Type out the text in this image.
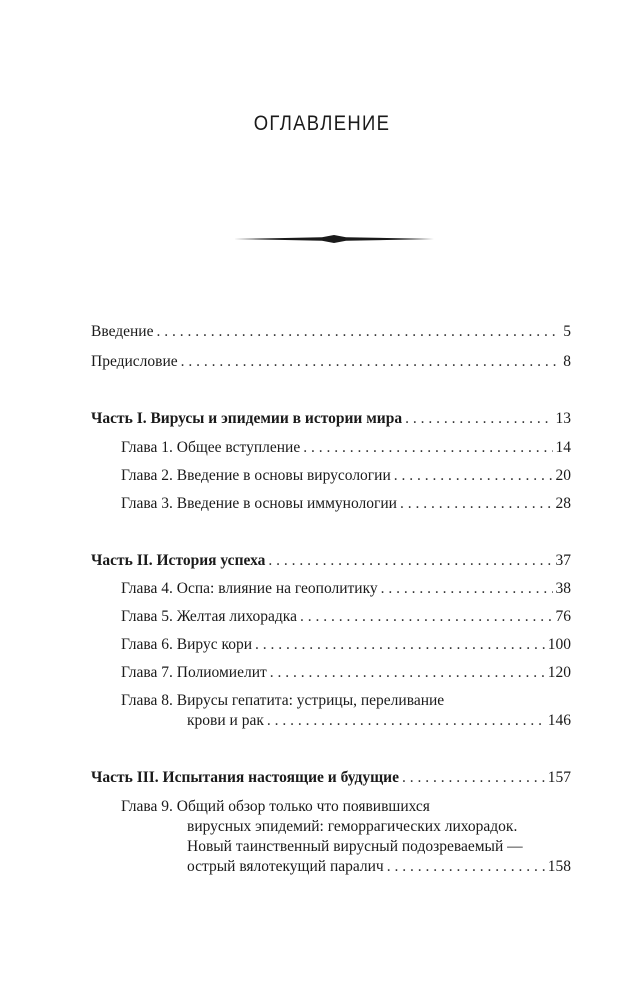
ОГЛАВЛЕНИЕ
Введение . . .	5
Предисловие . . .	8
Часть I. Вирусы и эпидемии в истории мира . . .	13
Глава 1. Общее вступление . . .	14
Глава 2. Введение в основы вирусологии . . .	20
Глава 3. Введение в основы иммунологии . . .	28
Часть II. История успеха . . .	37
Глава 4. Оспа: влияние на геополитику . . .	38
Глава 5. Желтая лихорадка . . .	76
Глава 6. Вирус кори . . .	100
Глава 7. Полиомиелит . . .	120
Глава 8. Вирусы гепатита: устрицы, переливание
крови и рак . . .	146
Часть III. Испытания настоящие и будущие . . .	157
Глава 9. Общий обзор только что появившихся
вирусных эпидемий: геморрагических лихорадок.
Новый таинственный вирусный подозреваемый —
острый вялотекущий паралич . . .	158
